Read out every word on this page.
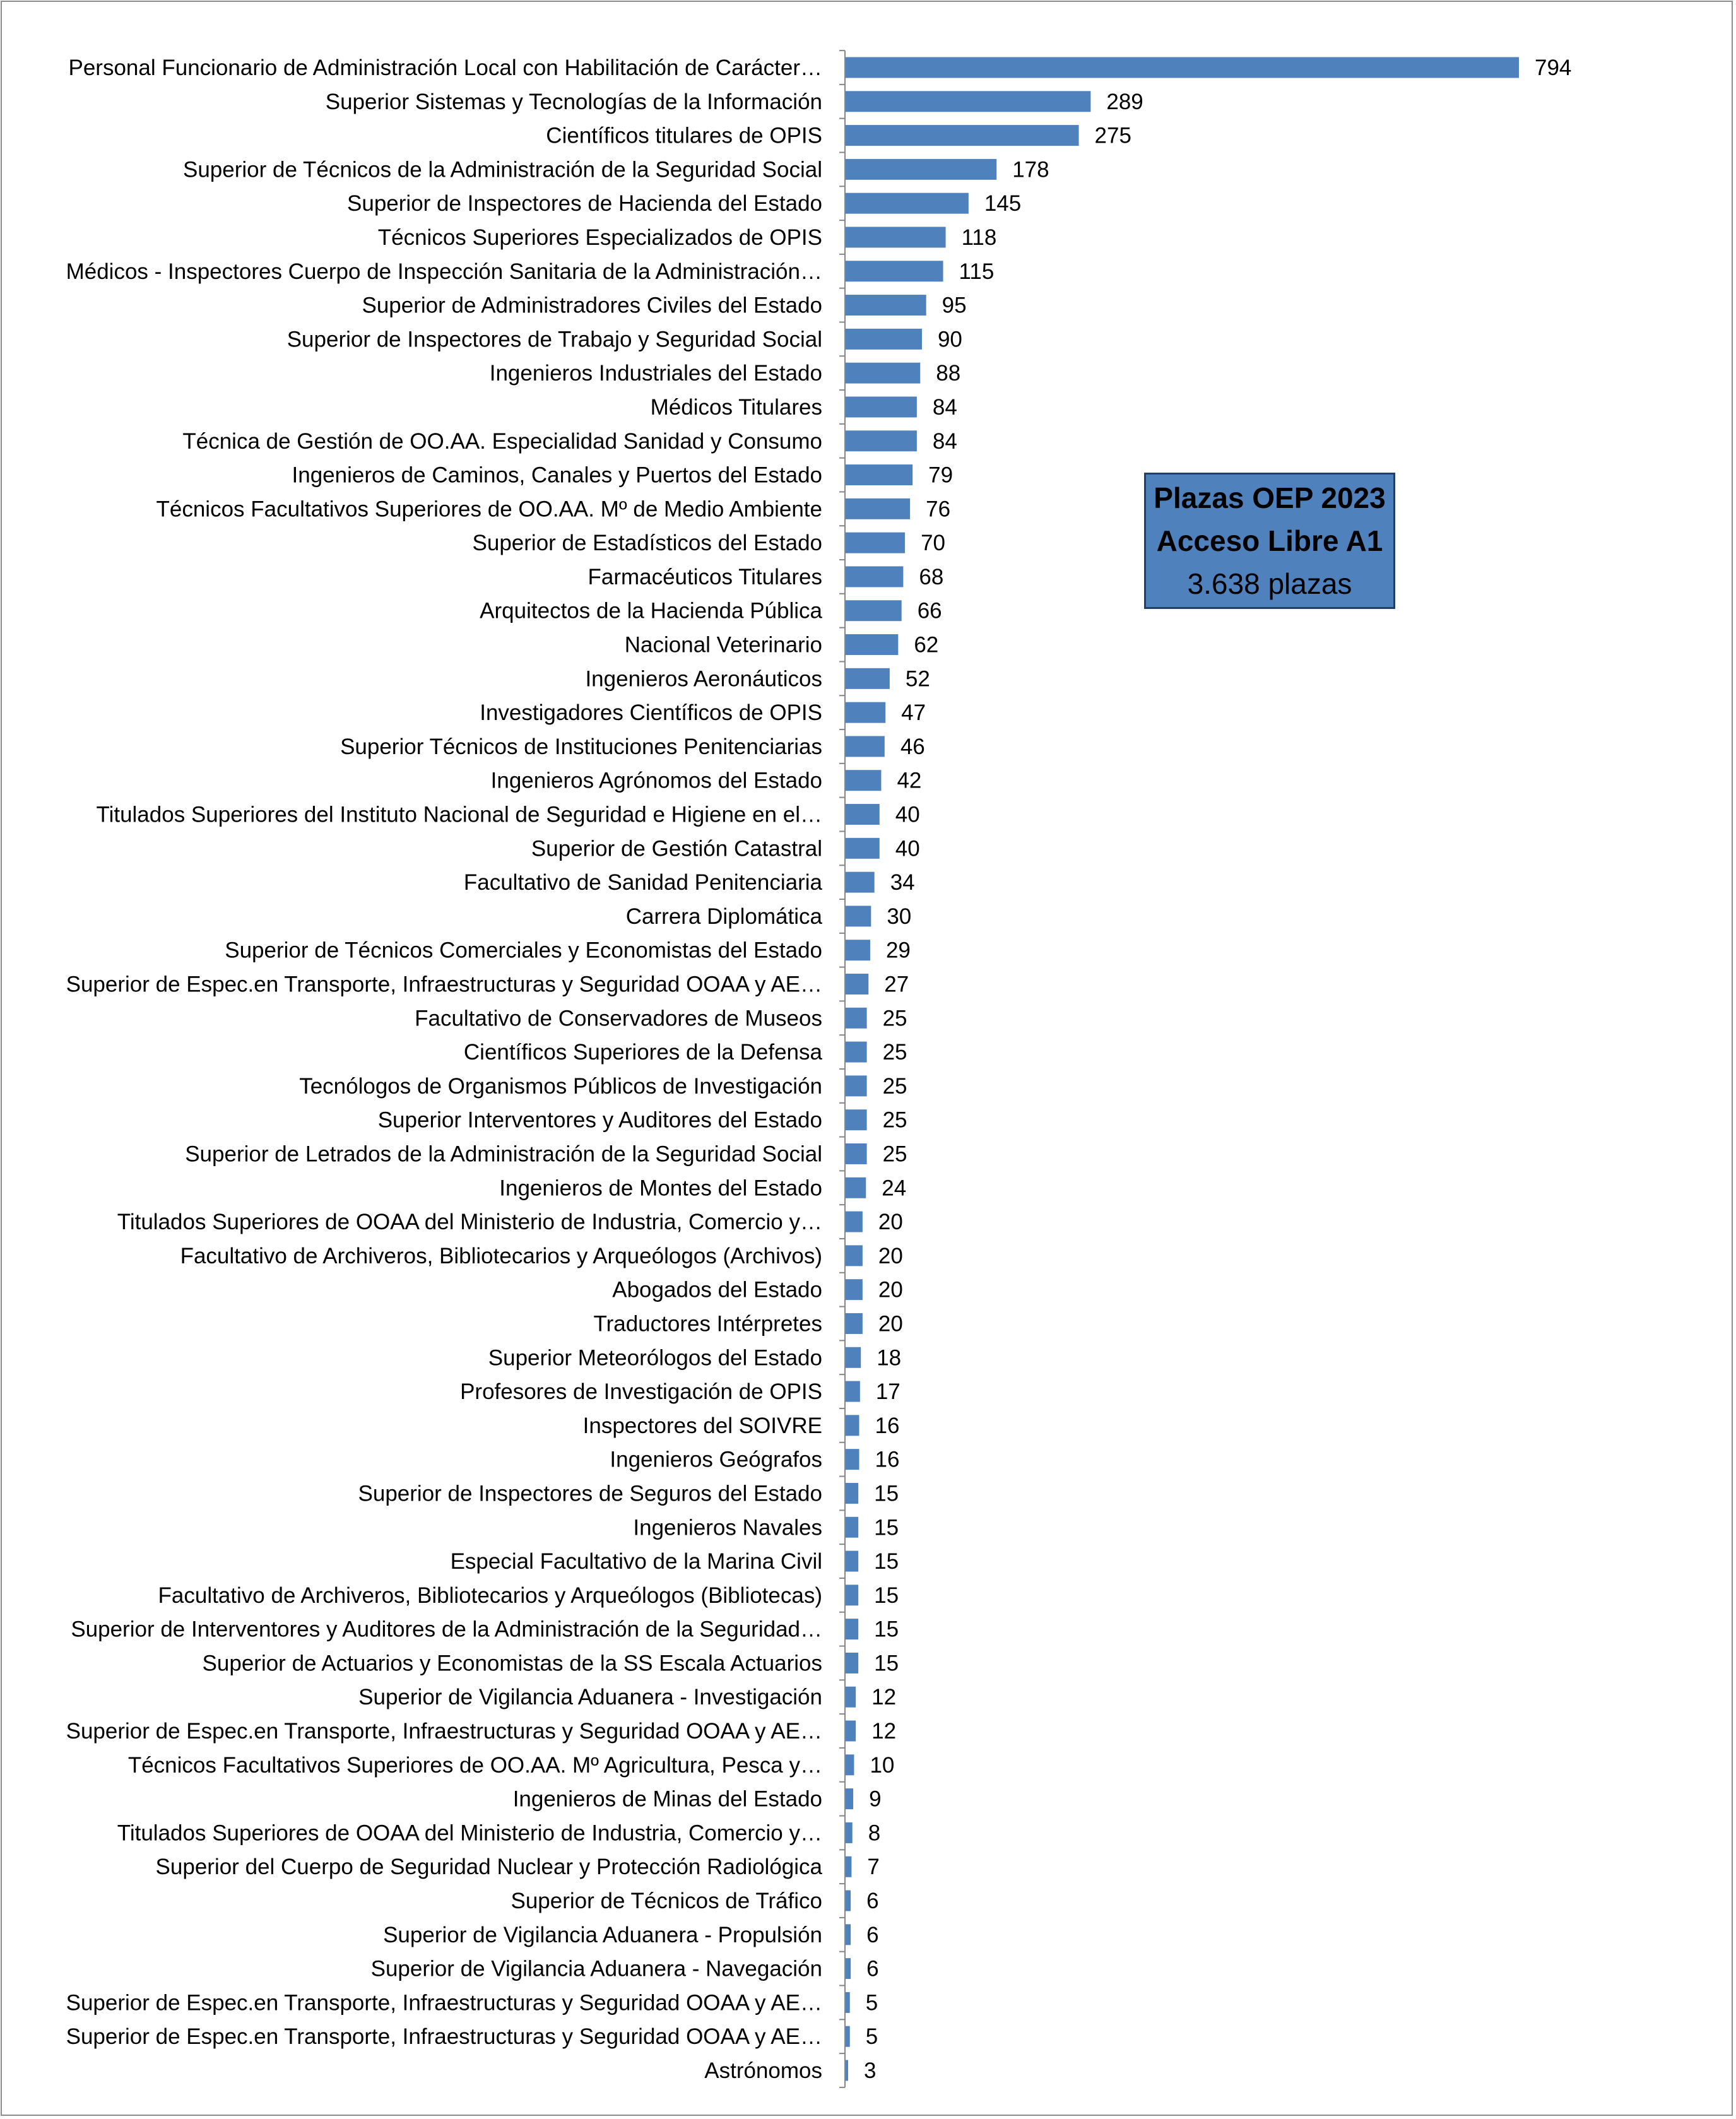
Personal Funcionario de Administración Local con Habilitación de Carácter…
Superior Sistemas y Tecnologías de la Información
Científicos titulares de OPIS
Superior de Técnicos de la Administración de la Seguridad Social
Superior de Inspectores de Hacienda del Estado
Técnicos Superiores Especializados de OPIS
Médicos - Inspectores Cuerpo de Inspección Sanitaria de la Administración…
Superior de Administradores Civiles del Estado
Superior de Inspectores de Trabajo y Seguridad Social
Ingenieros Industriales del Estado
Médicos Titulares
Técnica de Gestión de OO.AA. Especialidad Sanidad y Consumo
Ingenieros de Caminos, Canales y Puertos del Estado
Técnicos Facultativos Superiores de OO.AA. Mº de Medio Ambiente
Superior de Estadísticos del Estado
Farmacéuticos Titulares
Arquitectos de la Hacienda Pública
Nacional Veterinario
Ingenieros Aeronáuticos
Investigadores Científicos de OPIS
Superior Técnicos de Instituciones Penitenciarias
Ingenieros Agrónomos del Estado
Titulados Superiores del Instituto Nacional de Seguridad e Higiene en el…
Superior de Gestión Catastral
Facultativo de Sanidad Penitenciaria
Carrera Diplomática
Superior de Técnicos Comerciales y Economistas del Estado
Superior de Espec.en Transporte, Infraestructuras y Seguridad OOAA y AE…
Facultativo de Conservadores de Museos
Científicos Superiores de la Defensa
Tecnólogos de Organismos Públicos de Investigación
Superior Interventores y Auditores del Estado
Superior de Letrados de la Administración de la Seguridad Social
Ingenieros de Montes del Estado
Titulados Superiores de OOAA del Ministerio de Industria, Comercio y…
Facultativo de Archiveros, Bibliotecarios y Arqueólogos (Archivos)
Abogados del Estado
Traductores Intérpretes
Superior Meteorólogos del Estado
Profesores de Investigación de OPIS
Inspectores del SOIVRE
Ingenieros Geógrafos
Superior de Inspectores de Seguros del Estado
Ingenieros Navales
Especial Facultativo de la Marina Civil
Facultativo de Archiveros, Bibliotecarios y Arqueólogos (Bibliotecas)
Superior de Interventores y Auditores de la Administración de la Seguridad…
Superior de Actuarios y Economistas de la SS Escala Actuarios
Superior de Vigilancia Aduanera - Investigación
Superior de Espec.en Transporte, Infraestructuras y Seguridad OOAA y AE…
Técnicos Facultativos Superiores de OO.AA. Mº Agricultura, Pesca y…
Ingenieros de Minas del Estado
Titulados Superiores de OOAA del Ministerio de Industria, Comercio y…
Superior del Cuerpo de Seguridad Nuclear y Protección Radiológica
Superior de Técnicos de Tráfico
Superior de Vigilancia Aduanera - Propulsión
Superior de Vigilancia Aduanera - Navegación
Superior de Espec.en Transporte, Infraestructuras y Seguridad OOAA y AE…
Superior de Espec.en Transporte, Infraestructuras y Seguridad OOAA y AE…
Astrónomos
794
289
275
178
145
118
115
95
90
88
84
84
79
76
70
68
66
62
52
47
46
42
40
40
34
30
29
27
25
25
25
25
25
24
20
20
20
20
18
17
16
16
15
15
15
15
15
15
12
12
10
9
8
7
6
6
6
5
5
3
Plazas OEP 2023
Acceso Libre A1
3.638 plazas
